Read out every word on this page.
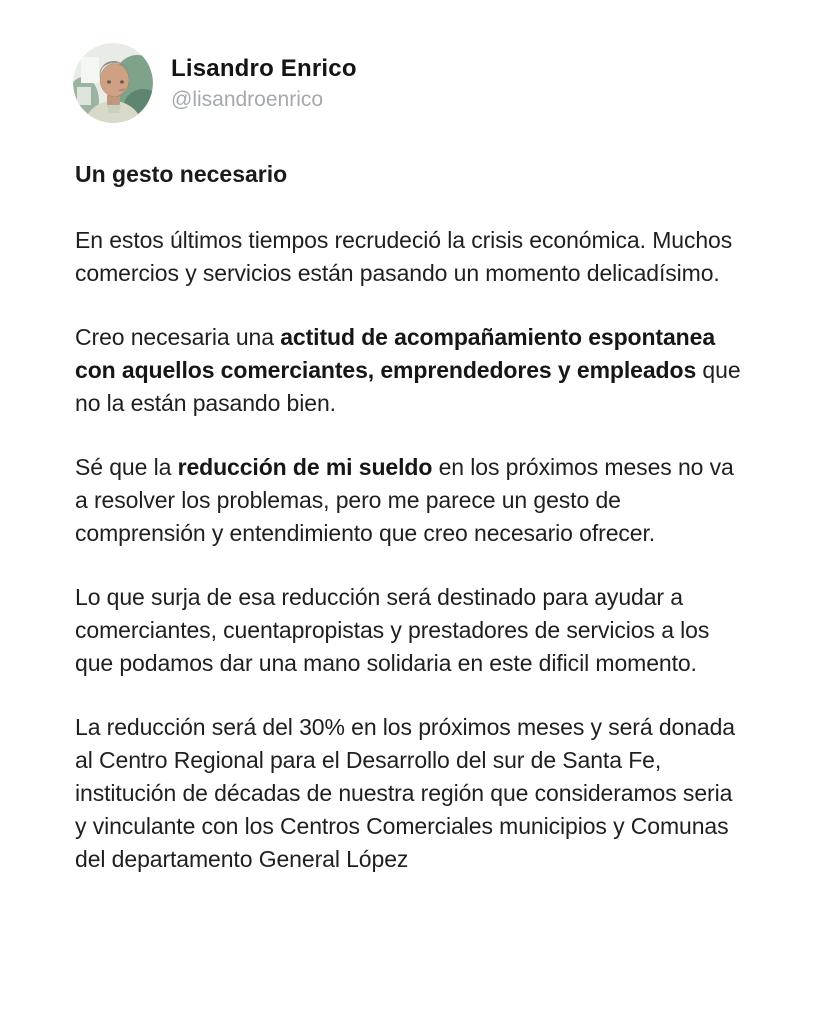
Lisandro Enrico
@lisandroenrico
Un gesto necesario

En estos últimos tiempos recrudeció la crisis económica. Muchos comercios y servicios están pasando un momento delicadísimo.

Creo necesaria una actitud de acompañamiento espontanea con aquellos comerciantes, emprendedores y empleados que no la están pasando bien.

Sé que la reducción de mi sueldo en los próximos meses no va a resolver los problemas, pero me parece un gesto de comprensión y entendimiento que creo necesario ofrecer.

Lo que surja de esa reducción será destinado para ayudar a comerciantes, cuentapropistas y prestadores de servicios a los que podamos dar una mano solidaria en este dificil momento.

La reducción será del 30% en los próximos meses y será donada al Centro Regional para el Desarrollo del sur de Santa Fe, institución de décadas de nuestra región que consideramos seria y vinculante con los Centros Comerciales municipios y Comunas del departamento General López
